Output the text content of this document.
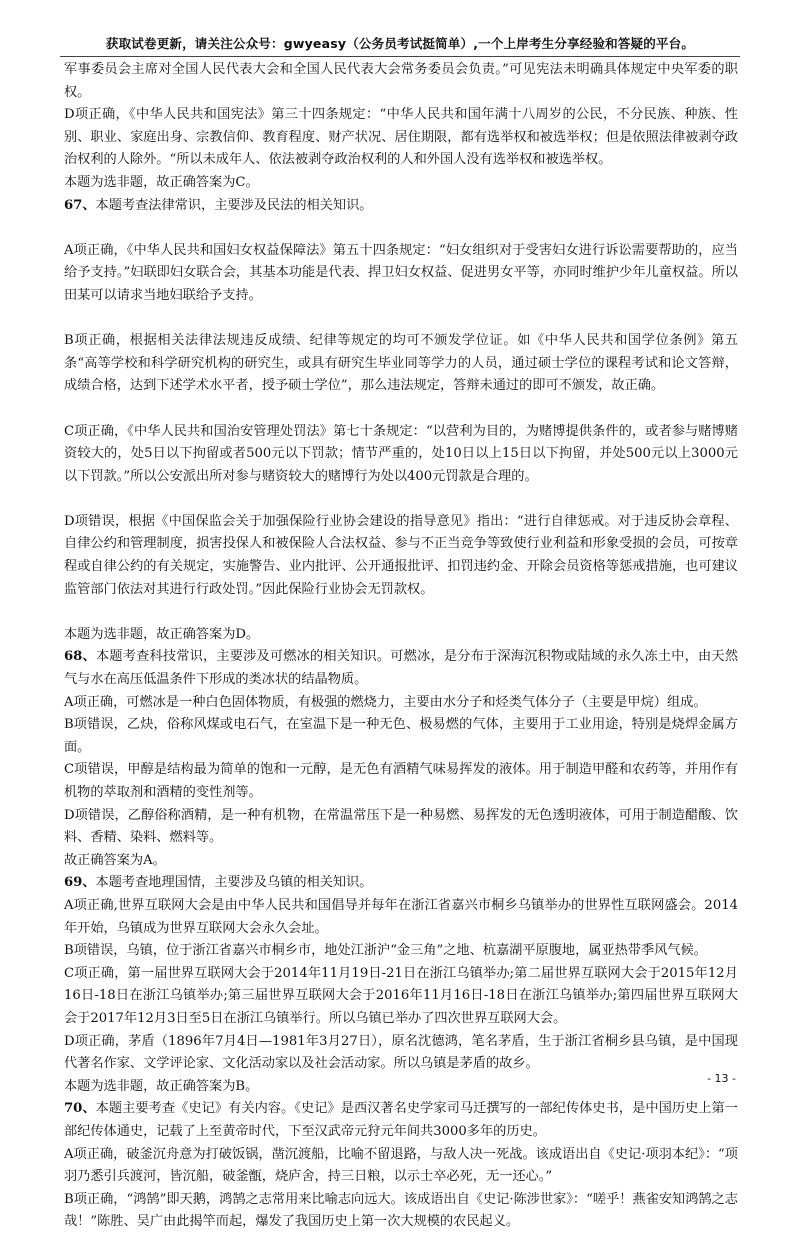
获取试卷更新，请关注公众号：gwyeasy（公务员考试挺简单）,一个上岸考生分享经验和答疑的平台。

军事委员会主席对全国人民代表大会和全国人民代表大会常务委员会负责。”可见宪法未明确具体规定中央军委的职权。

D项正确，《中华人民共和国宪法》第三十四条规定：“中华人民共和国年满十八周岁的公民，不分民族、种族、性别、职业、家庭出身、宗教信仰、教育程度、财产状况、居住期限，都有选举权和被选举权；但是依照法律被剥夺政治权利的人除外。“所以未成年人、依法被剥夺政治权利的人和外国人没有选举权和被选举权。

本题为选非题，故正确答案为C。

67、本题考查法律常识，主要涉及民法的相关知识。

A项正确，《中华人民共和国妇女权益保障法》第五十四条规定：“妇女组织对于受害妇女进行诉讼需要帮助的，应当给予支持。”妇联即妇女联合会，其基本功能是代表、捍卫妇女权益、促进男女平等，亦同时维护少年儿童权益。所以田某可以请求当地妇联给予支持。

B项正确，根据相关法律法规违反成绩、纪律等规定的均可不颁发学位证。如《中华人民共和国学位条例》第五条“高等学校和科学研究机构的研究生，或具有研究生毕业同等学力的人员，通过硕士学位的课程考试和论文答辩，成绩合格，达到下述学术水平者，授予硕士学位”，那么违法规定，答辩未通过的即可不颁发，故正确。

C项正确，《中华人民共和国治安管理处罚法》第七十条规定：“以营利为目的，为赌博提供条件的，或者参与赌博赌资较大的，处5日以下拘留或者500元以下罚款；情节严重的，处10日以上15日以下拘留，并处500元以上3000元以下罚款。”所以公安派出所对参与赌资较大的赌博行为处以400元罚款是合理的。

D项错误，根据《中国保监会关于加强保险行业协会建设的指导意见》指出：“进行自律惩戒。对于违反协会章程、自律公约和管理制度，损害投保人和被保险人合法权益、参与不正当竞争等致使行业利益和形象受损的会员，可按章程或自律公约的有关规定，实施警告、业内批评、公开通报批评、扣罚违约金、开除会员资格等惩戒措施，也可建议监管部门依法对其进行行政处罚。”因此保险行业协会无罚款权。

本题为选非题，故正确答案为D。

68、本题考查科技常识，主要涉及可燃冰的相关知识。可燃冰，是分布于深海沉积物或陆域的永久冻土中，由天然气与水在高压低温条件下形成的类冰状的结晶物质。

A项正确，可燃冰是一种白色固体物质，有极强的燃烧力，主要由水分子和烃类气体分子（主要是甲烷）组成。

B项错误，乙炔，俗称风煤或电石气，在室温下是一种无色、极易燃的气体，主要用于工业用途，特别是烧焊金属方面。

C项错误，甲醇是结构最为简单的饱和一元醇，是无色有酒精气味易挥发的液体。用于制造甲醛和农药等，并用作有机物的萃取剂和酒精的变性剂等。

D项错误，乙醇俗称酒精，是一种有机物，在常温常压下是一种易燃、易挥发的无色透明液体，可用于制造醋酸、饮料、香精、染料、燃料等。

故正确答案为A。

69、本题考查地理国情，主要涉及乌镇的相关知识。

A项正确,世界互联网大会是由中华人民共和国倡导并每年在浙江省嘉兴市桐乡乌镇举办的世界性互联网盛会。2014年开始，乌镇成为世界互联网大会永久会址。

B项错误，乌镇，位于浙江省嘉兴市桐乡市，地处江浙沪“金三角”之地、杭嘉湖平原腹地，属亚热带季风气候。

C项正确，第一届世界互联网大会于2014年11月19日-21日在浙江乌镇举办;第二届世界互联网大会于2015年12月16日-18日在浙江乌镇举办;第三届世界互联网大会于2016年11月16日-18日在浙江乌镇举办;第四届世界互联网大会于2017年12月3日至5日在浙江乌镇举行。所以乌镇已举办了四次世界互联网大会。

D项正确，茅盾（1896年7月4日—1981年3月27日），原名沈德鸿，笔名茅盾，生于浙江省桐乡县乌镇，是中国现代著名作家、文学评论家、文化活动家以及社会活动家。所以乌镇是茅盾的故乡。

本题为选非题，故正确答案为B。

70、本题主要考查《史记》有关内容。《史记》是西汉著名史学家司马迁撰写的一部纪传体史书，是中国历史上第一部纪传体通史，记载了上至黄帝时代，下至汉武帝元狩元年间共3000多年的历史。

A项正确，破釜沉舟意为打破饭锅，凿沉渡船，比喻不留退路，与敌人决一死战。该成语出自《史记·项羽本纪》：“项羽乃悉引兵渡河，皆沉船，破釜甑，烧庐舍，持三日粮，以示士卒必死，无一还心。”

B项正确，“鸿鹄”即天鹅，鸿鹄之志常用来比喻志向远大。该成语出自《史记·陈涉世家》：“嗟乎！燕雀安知鸿鹄之志哉！”陈胜、吴广由此揭竿而起，爆发了我国历史上第一次大规模的农民起义。

- 13 -
